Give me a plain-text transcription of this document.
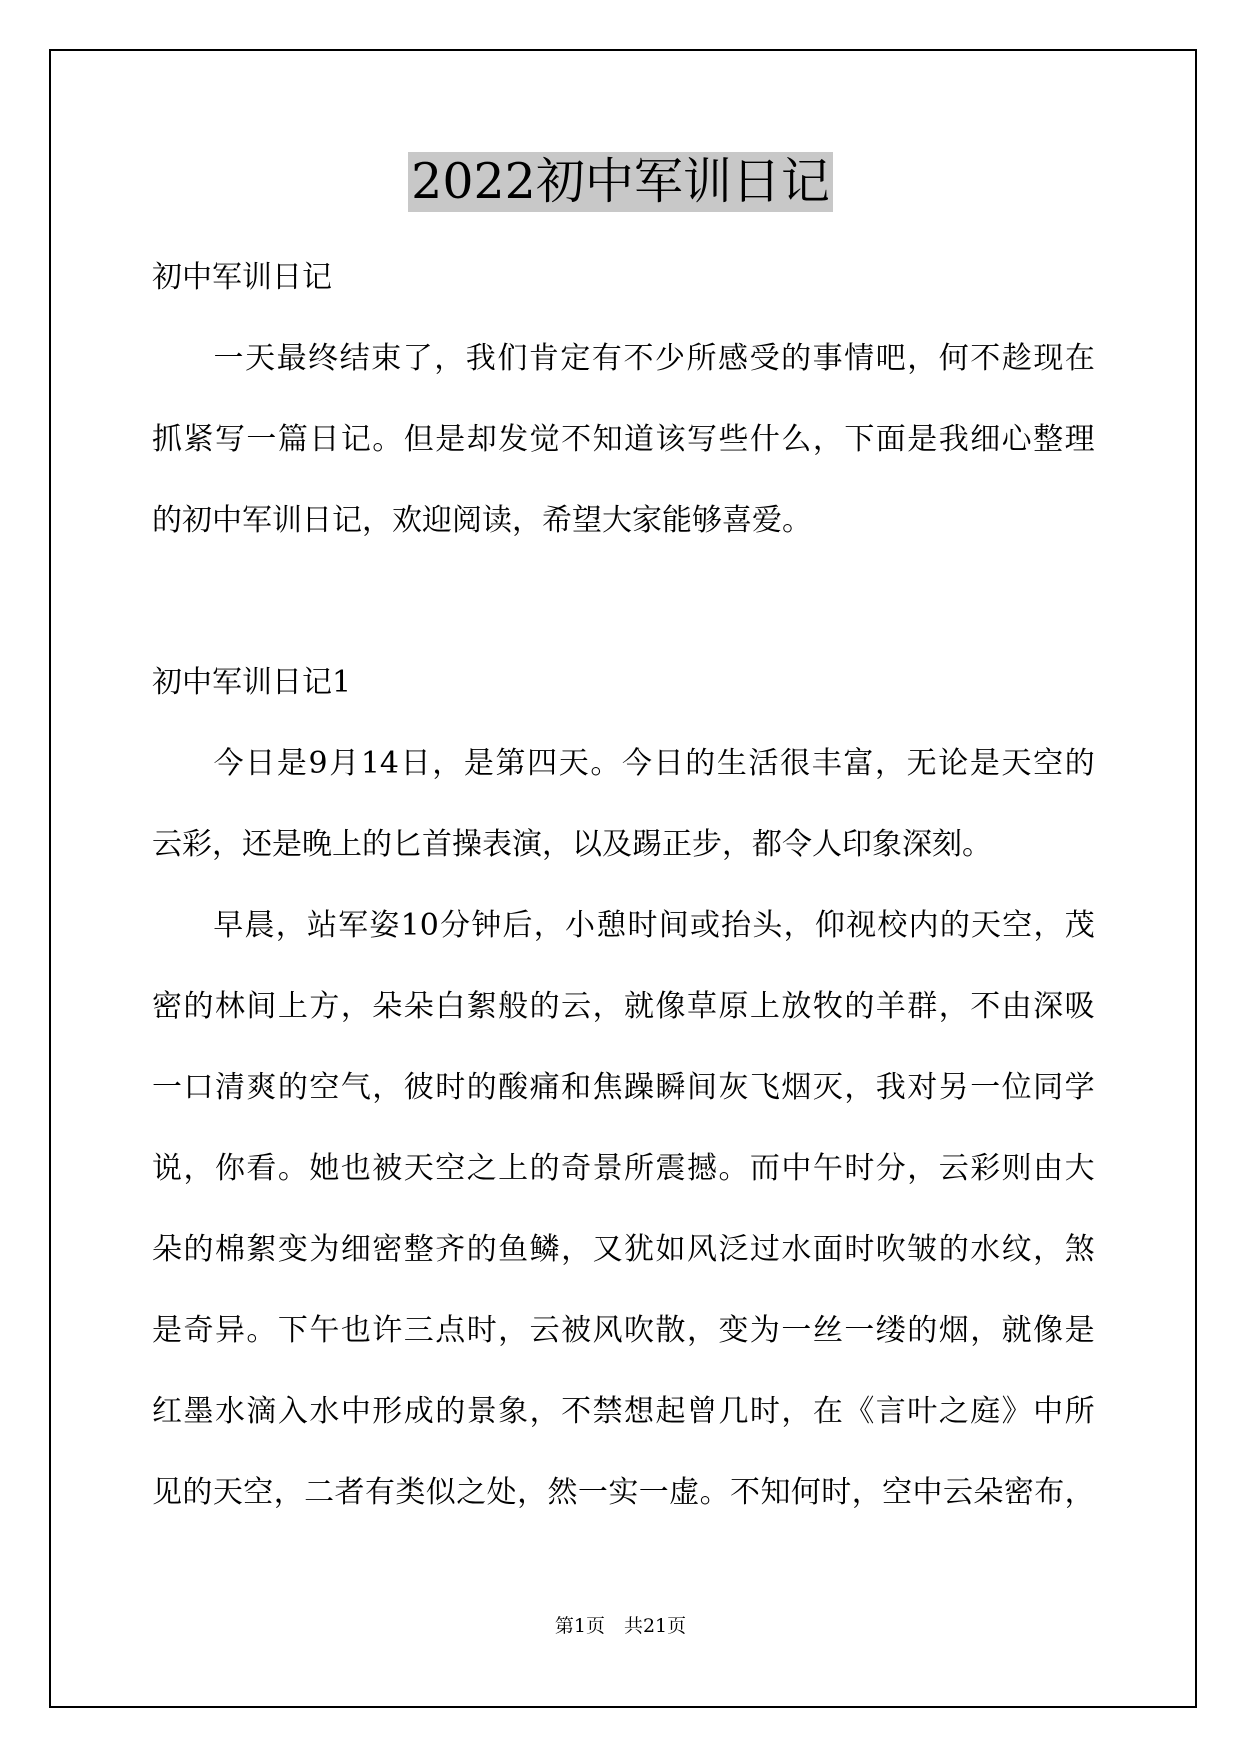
2022初中军训日记
初中军训日记

一 天 最 终 结 束 了 ， 我 们 肯 定 有 不 少 所 感 受 的 事 情 吧 ， 何 不 趁 现 在
抓 紧 写 一 篇 日 记 。 但 是 却 发 觉 不 知 道 该 写 些 什 么 ， 下 面 是 我 细 心 整 理
的初中军训日记，欢迎阅读，希望大家能够喜爱。
初中军训日记1

今 日 是 9 月 14 日 ， 是 第 四 天 。 今 日 的 生 活 很 丰 富 ， 无 论 是 天 空 的
云彩，还是晚上的匕首操表演，以及踢正步，都令人印象深刻。

早 晨 ， 站 军 姿 10 分 钟 后 ， 小 憩 时 间 或 抬 头 ， 仰 视 校 内 的 天 空 ， 茂
密 的 林 间 上 方 ， 朵 朵 白 絮 般 的 云 ， 就 像 草 原 上 放 牧 的 羊 群 ， 不 由 深 吸
一 口 清 爽 的 空 气 ， 彼 时 的 酸 痛 和 焦 躁 瞬 间 灰 飞 烟 灭 ， 我 对 另 一 位 同 学
说 ， 你 看 。 她 也 被 天 空 之 上 的 奇 景 所 震 撼 。 而 中 午 时 分 ， 云 彩 则 由 大
朵 的 棉 絮 变 为 细 密 整 齐 的 鱼 鳞 ， 又 犹 如 风 泛 过 水 面 时 吹 皱 的 水 纹 ， 煞
是 奇 异 。 下 午 也 许 三 点 时 ， 云 被 风 吹 散 ， 变 为 一 丝 一 缕 的 烟 ， 就 像 是
红 墨 水 滴 入 水 中 形 成 的 景 象 ， 不 禁 想 起 曾 几 时 ， 在 《 言 叶 之 庭 》 中 所
见 的 天 空 ， 二 者 有 类 似 之 处 ， 然 一 实 一 虚 。 不 知 何 时 ， 空 中 云 朵 密 布 ，
第1页　共21页
